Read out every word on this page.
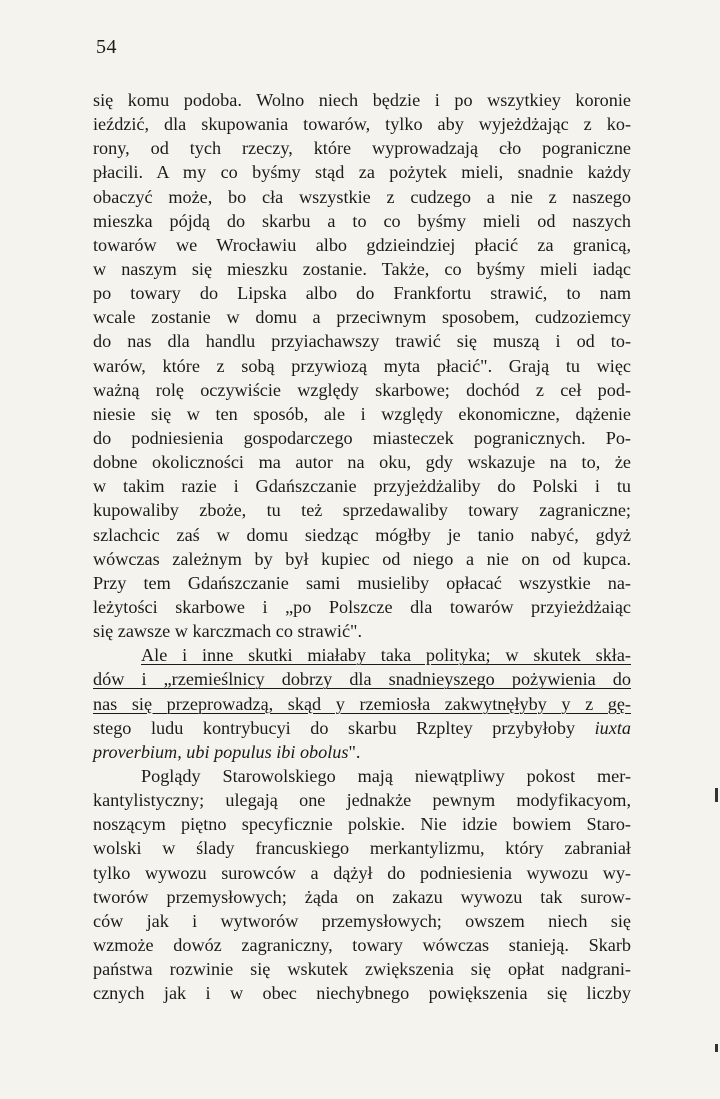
54
się komu podoba. Wolno niech będzie i po wszytkiey koronie
ieździć, dla skupowania towarów, tylko aby wyjeżdżając z ko-
rony, od tych rzeczy, które wyprowadzają cło pograniczne
płacili. A my co byśmy stąd za pożytek mieli, snadnie każdy
obaczyć może, bo cła wszystkie z cudzego a nie z naszego
mieszka pójdą do skarbu a to co byśmy mieli od naszych
towarów we Wrocławiu albo gdzieindziej płacić za granicą,
w naszym się mieszku zostanie. Także, co byśmy mieli iadąc
po towary do Lipska albo do Frankfortu strawić, to nam
wcale zostanie w domu a przeciwnym sposobem, cudzoziemcy
do nas dla handlu przyiachawszy trawić się muszą i od to-
warów, które z sobą przywiozą myta płacić". Grają tu więc
ważną rolę oczywiście względy skarbowe; dochód z ceł pod-
niesie się w ten sposób, ale i względy ekonomiczne, dążenie
do podniesienia gospodarczego miasteczek pogranicznych. Po-
dobne okoliczności ma autor na oku, gdy wskazuje na to, że
w takim razie i Gdańszczanie przyjeżdżaliby do Polski i tu
kupowaliby zboże, tu też sprzedawaliby towary zagraniczne;
szlachcic zaś w domu siedząc mógłby je tanio nabyć, gdyż
wówczas zależnym by był kupiec od niego a nie on od kupca.
Przy tem Gdańszczanie sami musieliby opłacać wszystkie na-
leżytości skarbowe i „po Polszcze dla towarów przyieżdżaiąc
się zawsze w karczmach co strawić".
Ale i inne skutki miałaby taka polityka; w skutek skła-
dów i „rzemieślnicy dobrzy dla snadnieyszego pożywienia do
nas się przeprowadzą, skąd y rzemiosła zakwytnęłyby y z gę-
stego ludu kontrybucyi do skarbu Rzpltey przybyłoby iuxta
proverbium, ubi populus ibi obolus".
Poglądy Starowolskiego mają niewątpliwy pokost mer-
kantylistyczny; ulegają one jednakże pewnym modyfikacyom,
noszącym piętno specyficznie polskie. Nie idzie bowiem Staro-
wolski w ślady francuskiego merkantylizmu, który zabraniał
tylko wywozu surowców a dążył do podniesienia wywozu wy-
tworów przemysłowych; żąda on zakazu wywozu tak surow-
ców jak i wytworów przemysłowych; owszem niech się
wzmoże dowóz zagraniczny, towary wówczas stanieją. Skarb
państwa rozwinie się wskutek zwiększenia się opłat nadgrani-
cznych jak i w obec niechybnego powiększenia się liczby
